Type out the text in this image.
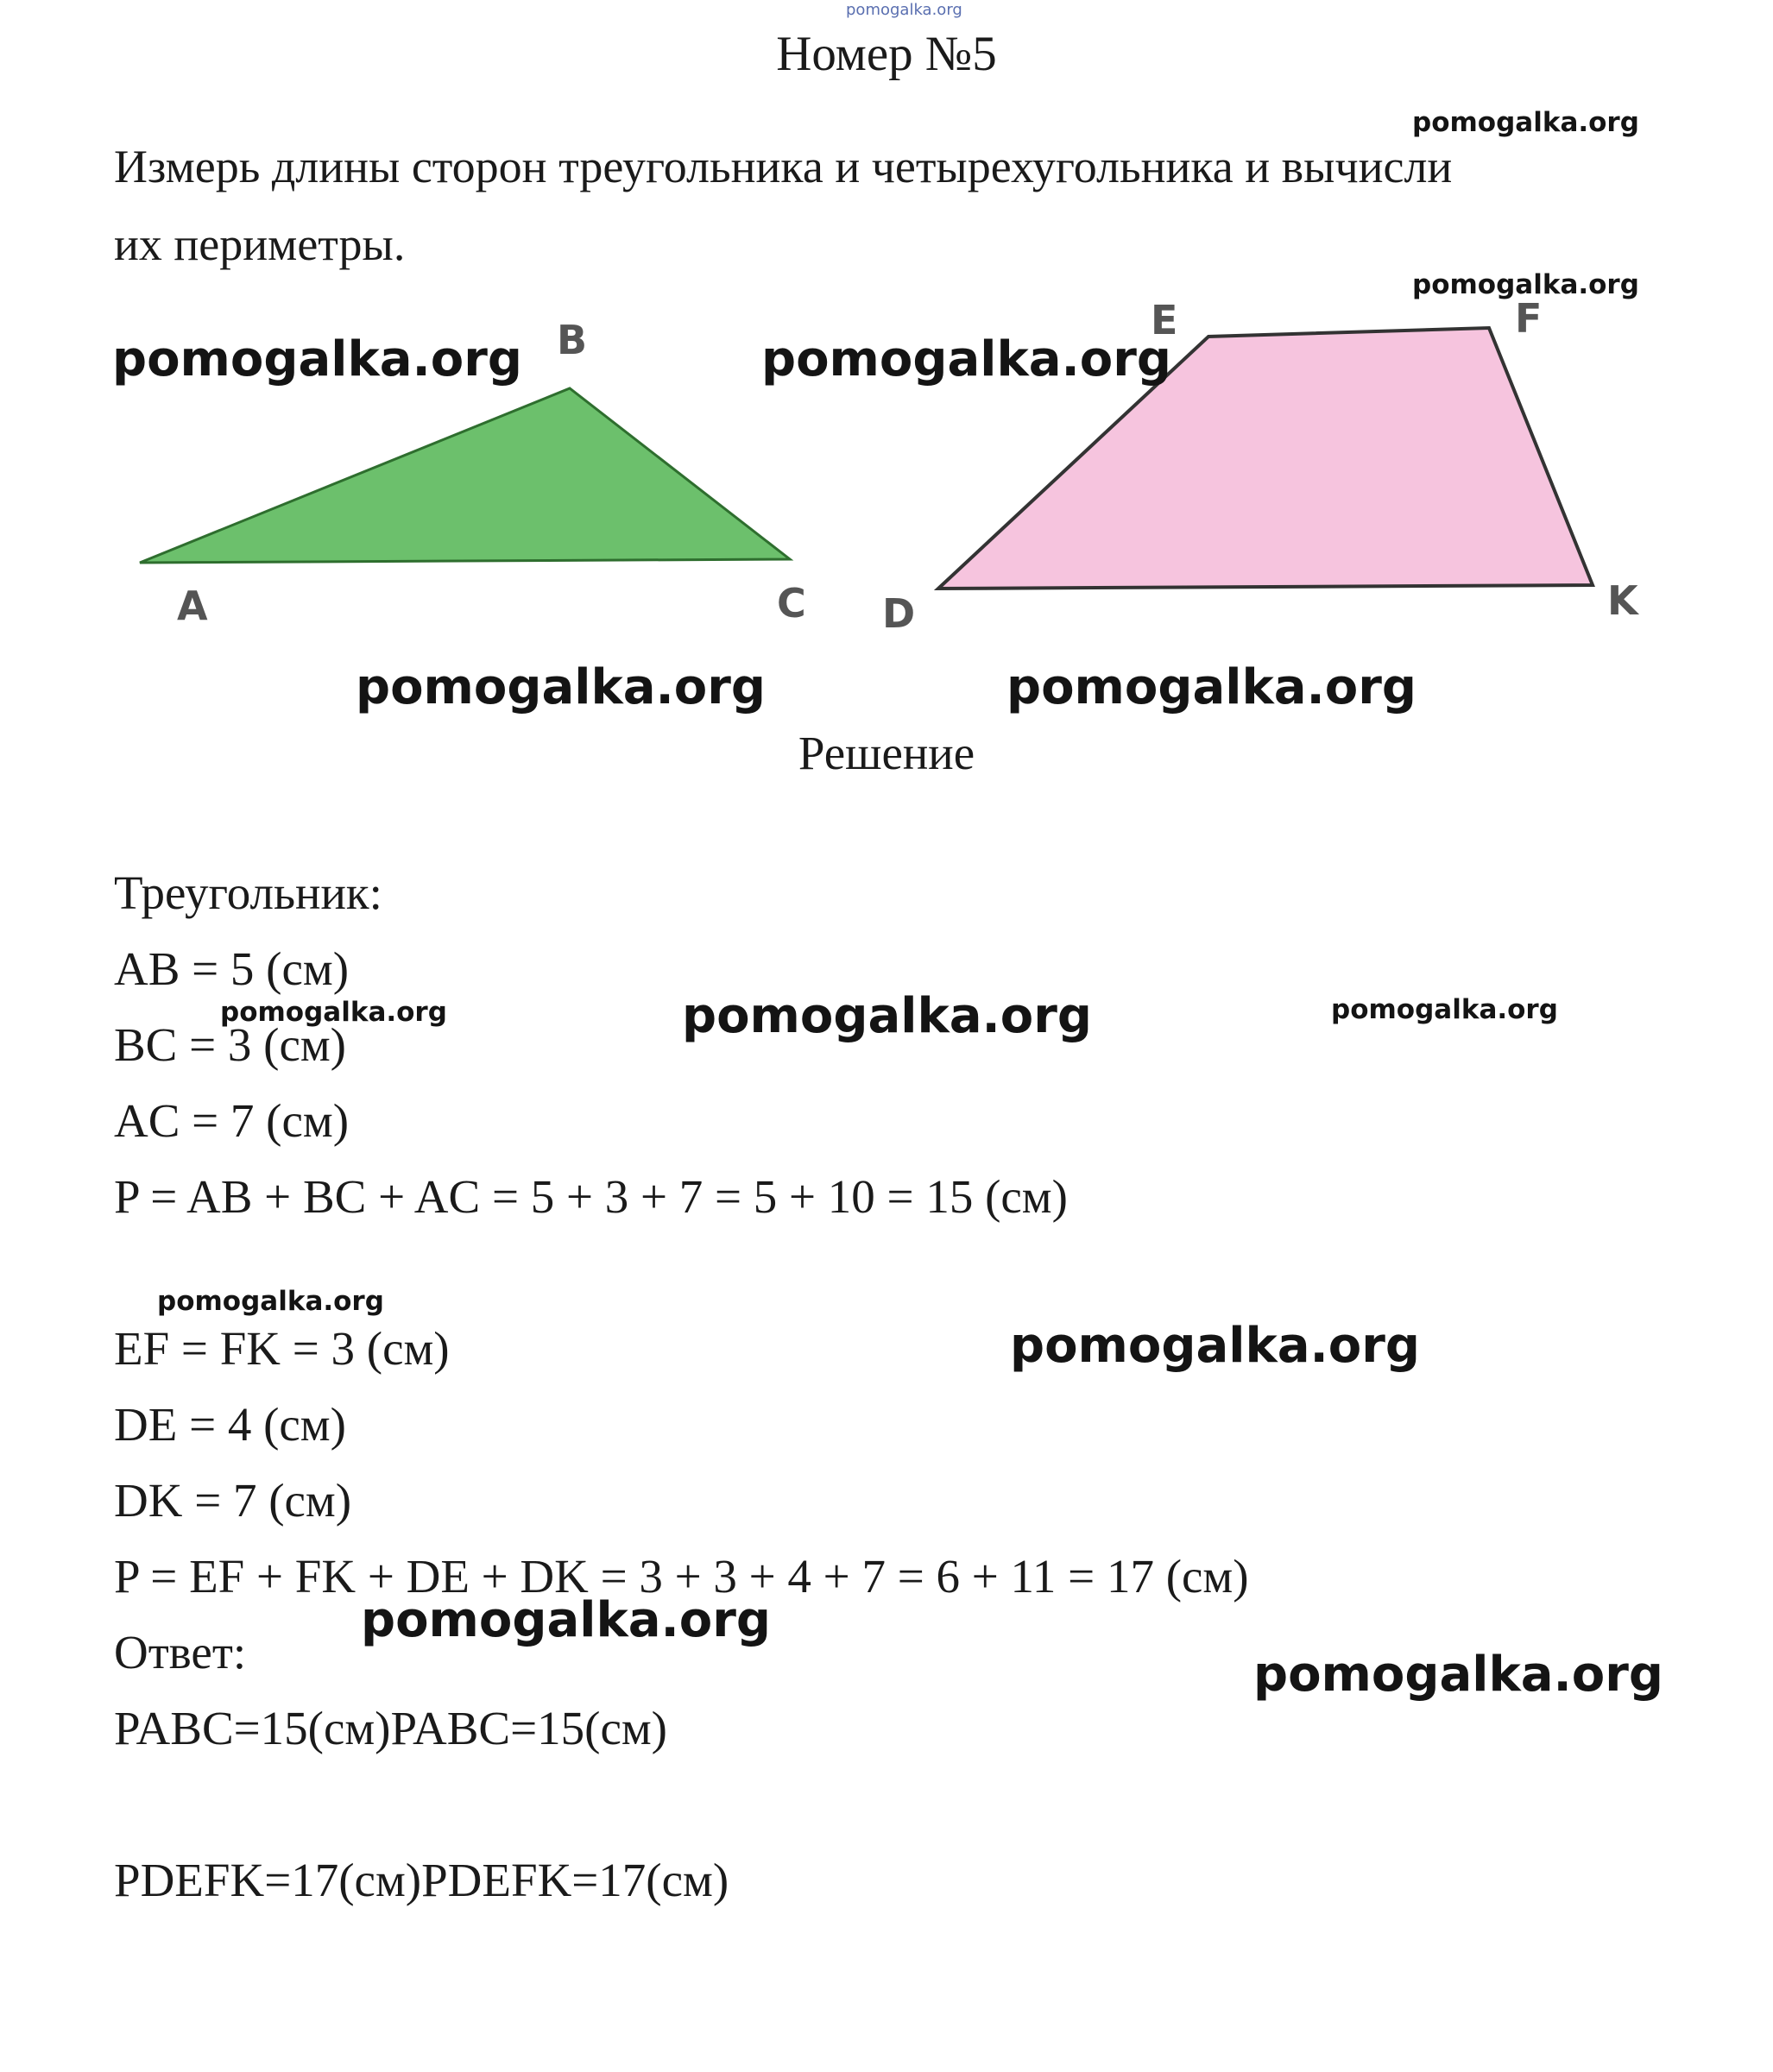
pomogalka.org
Номер №5
Измерь длины сторон треугольника и четырехугольника и вычисли
их периметры.
B
A	C D
E	F
K
Решение
Треугольник:
AB = 5 (см)
BC = 3 (см)
AC = 7 (см)
P = AB + BC + AC = 5 + 3 + 7 = 5 + 10 = 15 (см)
EF = FK = 3 (см)
DE = 4 (см)
DK = 7 (см)
P = EF + FK + DE + DK = 3 + 3 + 4 + 7 = 6 + 11 = 17 (см)
Ответ:
PABC=15(см)PABC=15(см)
PDEFK=17(см)PDEFK=17(см)
pomogalka.org
pomogalka.org
pomogalka.org	pomogalka.org
pomogalka.org	pomogalka.org
pomogalka.org	pomogalka.org	pomogalka.org
pomogalka.org
pomogalka.org
pomogalka.org
pomogalka.org
